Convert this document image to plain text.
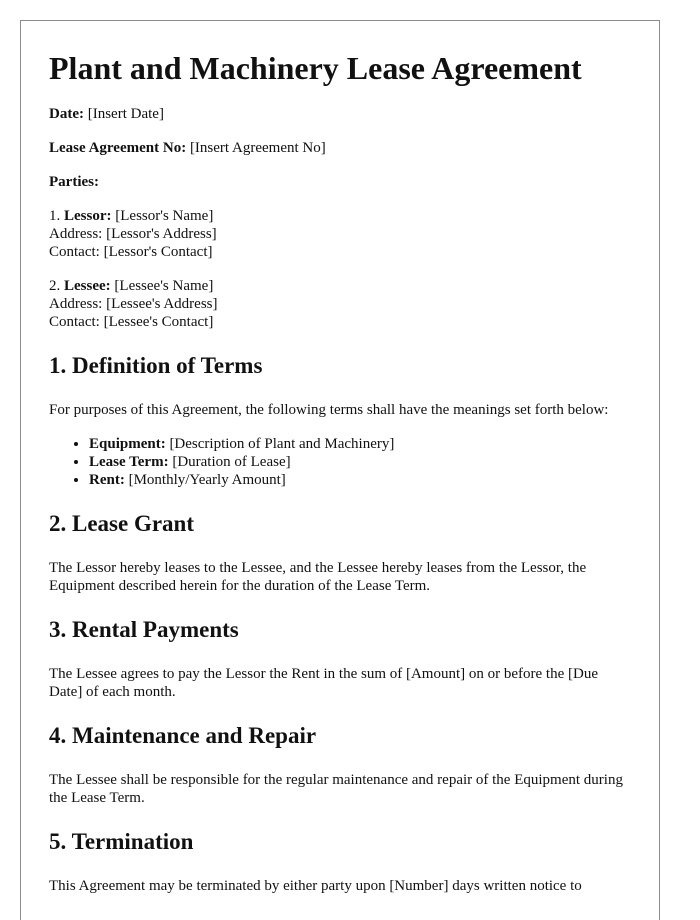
Plant and Machinery Lease Agreement

Date: [Insert Date]

Lease Agreement No: [Insert Agreement No]

Parties:

1. Lessor: [Lessor's Name]
Address: [Lessor's Address]
Contact: [Lessor's Contact]

2. Lessee: [Lessee's Name]
Address: [Lessee's Address]
Contact: [Lessee's Contact]

1. Definition of Terms

For purposes of this Agreement, the following terms shall have the meanings set forth below:

• Equipment: [Description of Plant and Machinery]
• Lease Term: [Duration of Lease]
• Rent: [Monthly/Yearly Amount]
2. Lease Grant

The Lessor hereby leases to the Lessee, and the Lessee hereby leases from the Lessor, the Equipment described herein for the duration of the Lease Term.

3. Rental Payments

The Lessee agrees to pay the Lessor the Rent in the sum of [Amount] on or before the [Due Date] of each month.

4. Maintenance and Repair

The Lessee shall be responsible for the regular maintenance and repair of the Equipment during the Lease Term.

5. Termination

This Agreement may be terminated by either party upon [Number] days written notice to
